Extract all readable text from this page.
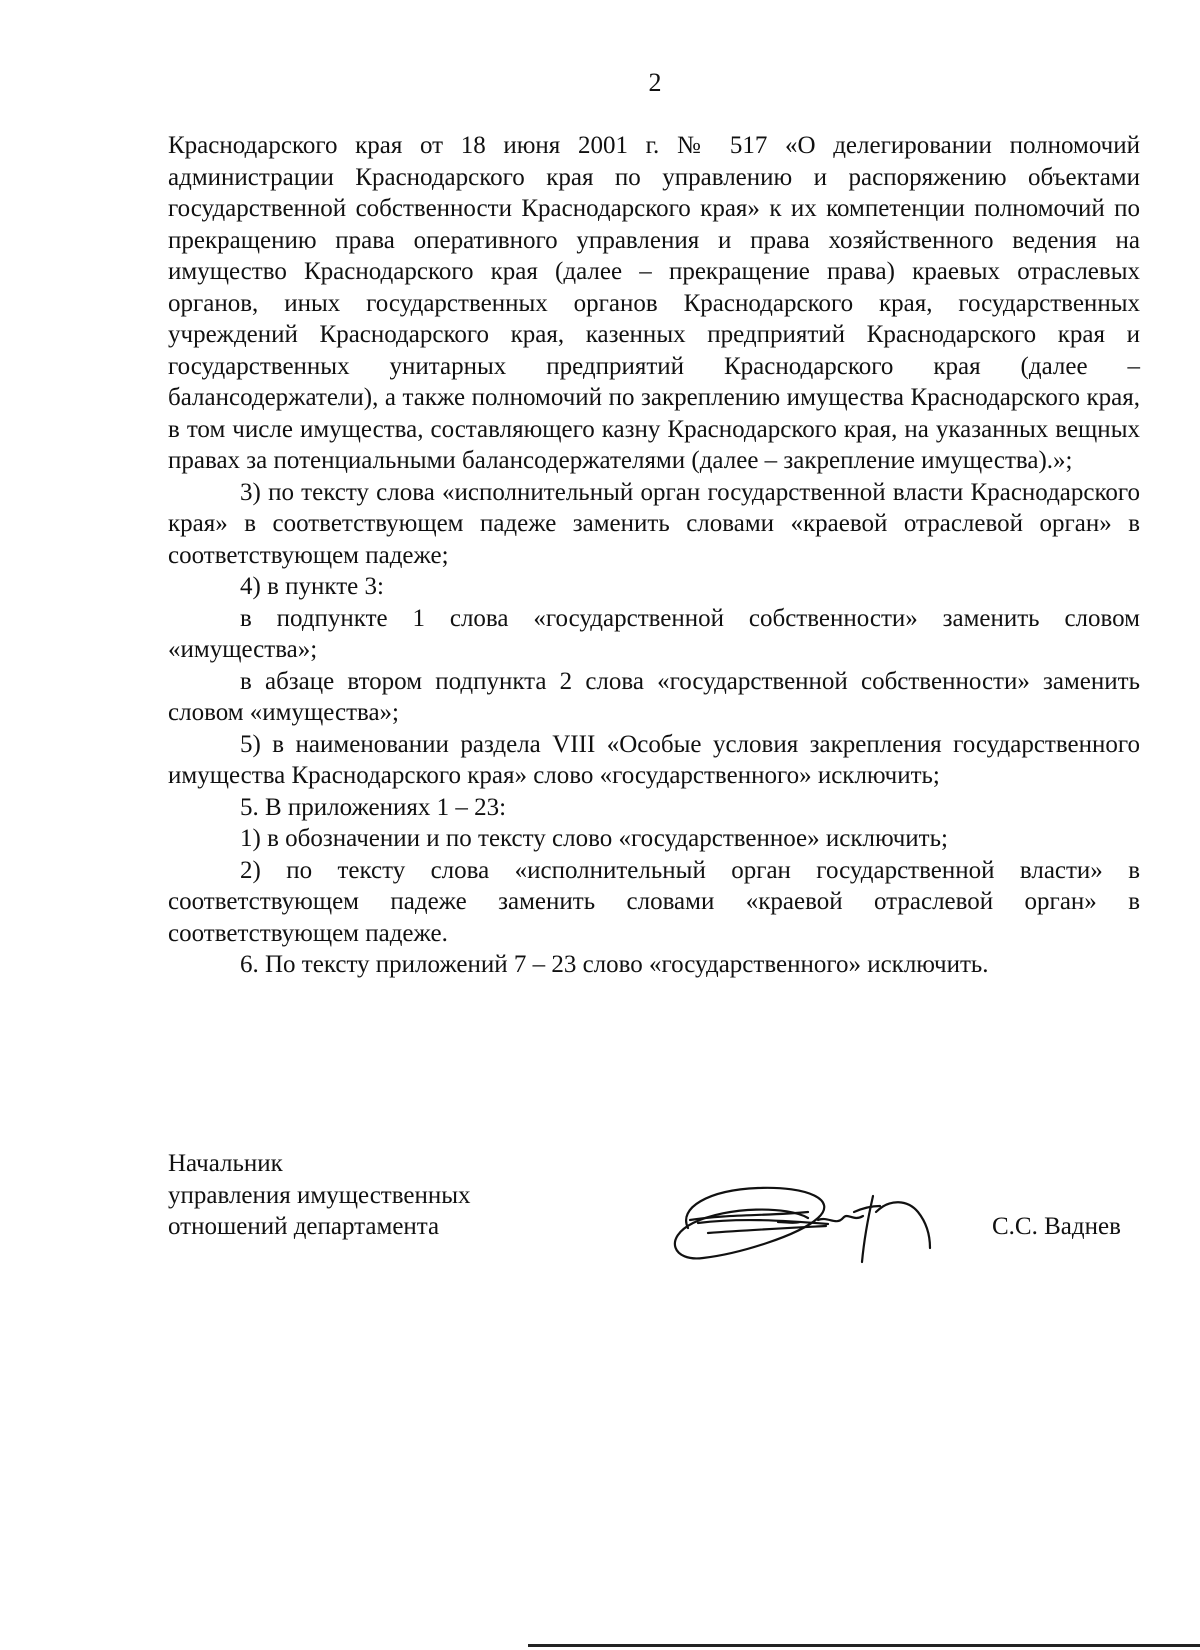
2

Краснодарского края от 18 июня 2001 г. № 517 «О делегировании полномочий администрации Краснодарского края по управлению и распоряжению объектами государственной собственности Краснодарского края» к их компетенции полномочий по прекращению права оперативного управления и права хозяйственного ведения на имущество Краснодарского края (далее – прекращение права) краевых отраслевых органов, иных государственных органов Краснодарского края, государственных учреждений Краснодарского края, казенных предприятий Краснодарского края и государственных унитарных предприятий Краснодарского края (далее – балансодержатели), а также полномочий по закреплению имущества Краснодарского края, в том числе имущества, составляющего казну Краснодарского края, на указанных вещных правах за потенциальными балансодержателями (далее – закрепление имущества).»;

3) по тексту слова «исполнительный орган государственной власти Краснодарского края» в соответствующем падеже заменить словами «краевой отраслевой орган» в соответствующем падеже;

4) в пункте 3:

в подпункте 1 слова «государственной собственности» заменить словом «имущества»;

в абзаце втором подпункта 2 слова «государственной собственности» заменить словом «имущества»;

5) в наименовании раздела VIII «Особые условия закрепления государственного имущества Краснодарского края» слово «государственного» исключить;

5. В приложениях 1 – 23:

1) в обозначении и по тексту слово «государственное» исключить;

2) по тексту слова «исполнительный орган государственной власти» в соответствующем падеже заменить словами «краевой отраслевой орган» в соответствующем падеже.

6. По тексту приложений 7 – 23 слово «государственного» исключить.

Начальник
управления имущественных
отношений департамента	С.С. Ваднев
